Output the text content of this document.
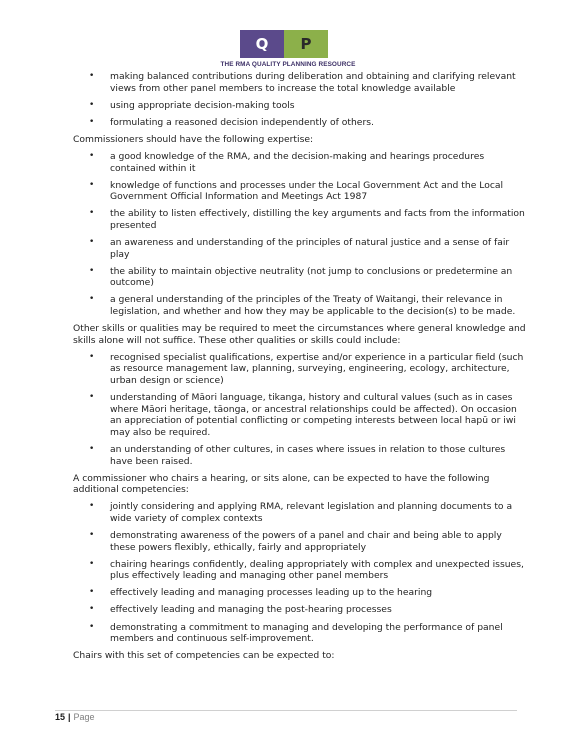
Q	P
THE RMA QUALITY PLANNING RESOURCE
• making balanced contributions during deliberation and obtaining and clarifying relevant views from other panel members to increase the total knowledge available
• using appropriate decision-making tools
• formulating a reasoned decision independently of others.

Commissioners should have the following expertise:

• a good knowledge of the RMA, and the decision-making and hearings procedures contained within it
• knowledge of functions and processes under the Local Government Act and the Local Government Official Information and Meetings Act 1987
• the ability to listen effectively, distilling the key arguments and facts from the information presented
• an awareness and understanding of the principles of natural justice and a sense of fair play
• the ability to maintain objective neutrality (not jump to conclusions or predetermine an outcome)
• a general understanding of the principles of the Treaty of Waitangi, their relevance in legislation, and whether and how they may be applicable to the decision(s) to be made.

Other skills or qualities may be required to meet the circumstances where general knowledge and skills alone will not suffice. These other qualities or skills could include:

• recognised specialist qualifications, expertise and/or experience in a particular field (such as resource management law, planning, surveying, engineering, ecology, architecture, urban design or science)
• understanding of Māori language, tikanga, history and cultural values (such as in cases where Māori heritage, tāonga, or ancestral relationships could be affected). On occasion an appreciation of potential conflicting or competing interests between local hapū or iwi may also be required.
• an understanding of other cultures, in cases where issues in relation to those cultures have been raised.

A commissioner who chairs a hearing, or sits alone, can be expected to have the following additional competencies:

• jointly considering and applying RMA, relevant legislation and planning documents to a wide variety of complex contexts
• demonstrating awareness of the powers of a panel and chair and being able to apply these powers flexibly, ethically, fairly and appropriately
• chairing hearings confidently, dealing appropriately with complex and unexpected issues, plus effectively leading and managing other panel members
• effectively leading and managing processes leading up to the hearing
• effectively leading and managing the post-hearing processes
• demonstrating a commitment to managing and developing the performance of panel members and continuous self-improvement.

Chairs with this set of competencies can be expected to:

15 | Page
